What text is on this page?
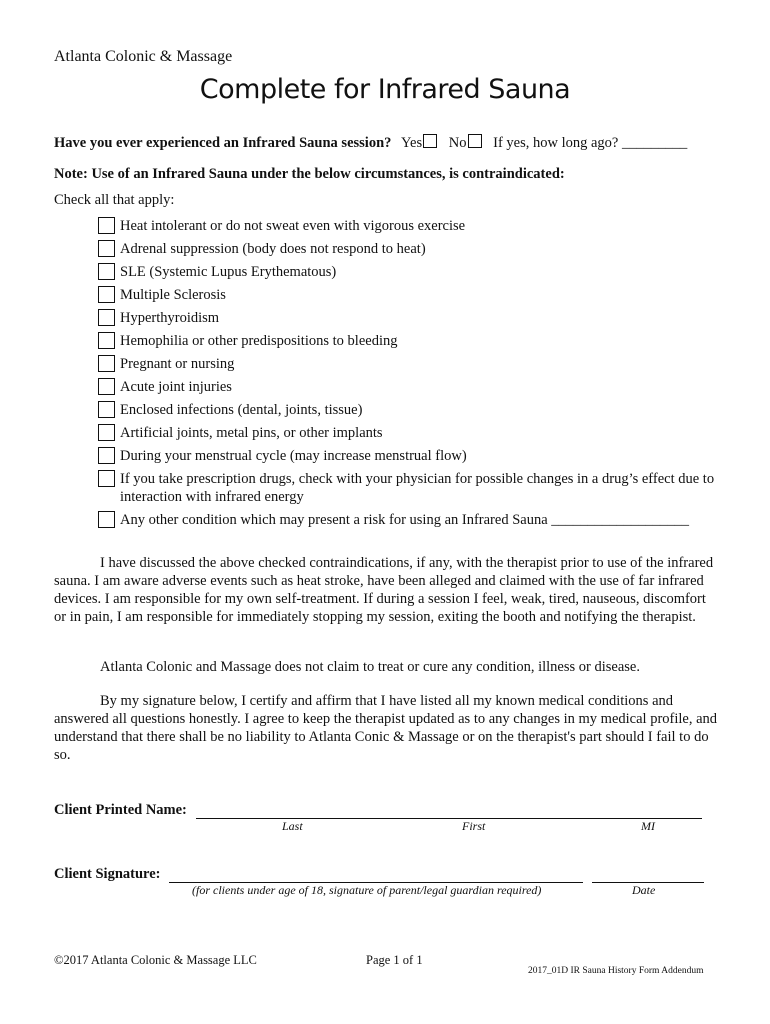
Atlanta Colonic & Massage
Complete for Infrared Sauna
Have you ever experienced an Infrared Sauna session? Yes No If yes, how long ago? _________
Note: Use of an Infrared Sauna under the below circumstances, is contraindicated:
Check all that apply:
Heat intolerant or do not sweat even with vigorous exercise
Adrenal suppression (body does not respond to heat)
SLE (Systemic Lupus Erythematous)
Multiple Sclerosis
Hyperthyroidism
Hemophilia or other predispositions to bleeding
Pregnant or nursing
Acute joint injuries
Enclosed infections (dental, joints, tissue)
Artificial joints, metal pins, or other implants
During your menstrual cycle (may increase menstrual flow)
If you take prescription drugs, check with your physician for possible changes in a drug’s effect due to interaction with infrared energy
Any other condition which may present a risk for using an Infrared Sauna ___________________
I have discussed the above checked contraindications, if any, with the therapist prior to use of the infrared sauna. I am aware adverse events such as heat stroke, have been alleged and claimed with the use of far infrared devices. I am responsible for my own self-treatment. If during a session I feel, weak, tired, nauseous, discomfort or in pain, I am responsible for immediately stopping my session, exiting the booth and notifying the therapist.
Atlanta Colonic and Massage does not claim to treat or cure any condition, illness or disease.
By my signature below, I certify and affirm that I have listed all my known medical conditions and answered all questions honestly. I agree to keep the therapist updated as to any changes in my medical profile, and understand that there shall be no liability to Atlanta Conic & Massage or on the therapist's part should I fail to do so.
Client Printed Name:
Last	First	MI
Client Signature:
(for clients under age of 18, signature of parent/legal guardian required)	Date
©2017 Atlanta Colonic & Massage LLC	Page 1 of 1
2017_01D IR Sauna History Form Addendum
